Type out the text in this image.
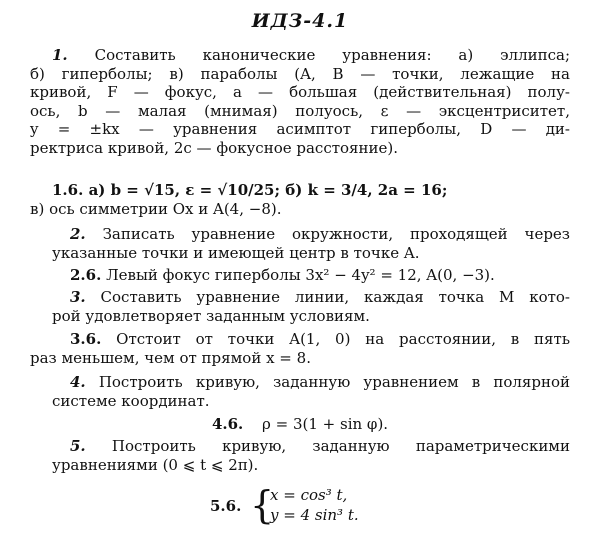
ИДЗ-4.1
1. Составить канонические уравнения: а) эллипса;
б) гиперболы; в) параболы (A, B — точки, лежащие на
кривой, F — фокус, a — большая (действительная) полу-
ось, b — малая (мнимая) полуось, ε — эксцентриситет,
y = ±kx — уравнения асимптот гиперболы, D — ди-
ректриса кривой, 2c — фокусное расстояние).
1.6. а) b = √15, ε = √10/25; б) k = 3/4, 2a = 16;
в) ось симметрии Ox и A(4, −8).
2. Записать уравнение окружности, проходящей через
указанные точки и имеющей центр в точке A.
2.6. Левый фокус гиперболы 3x² − 4y² = 12, A(0, −3).
3. Составить уравнение линии, каждая точка M кото-
рой удовлетворяет заданным условиям.
3.6. Отстоит от точки A(1, 0) на расстоянии, в пять
раз меньшем, чем от прямой x = 8.
4. Построить кривую, заданную уравнением в полярной
системе координат.
4.6. ρ = 3(1 + sin φ).
5. Построить кривую, заданную параметрическими
уравнениями (0 ⩽ t ⩽ 2π).
5.6. {
x = cos³ t,
y = 4 sin³ t.
